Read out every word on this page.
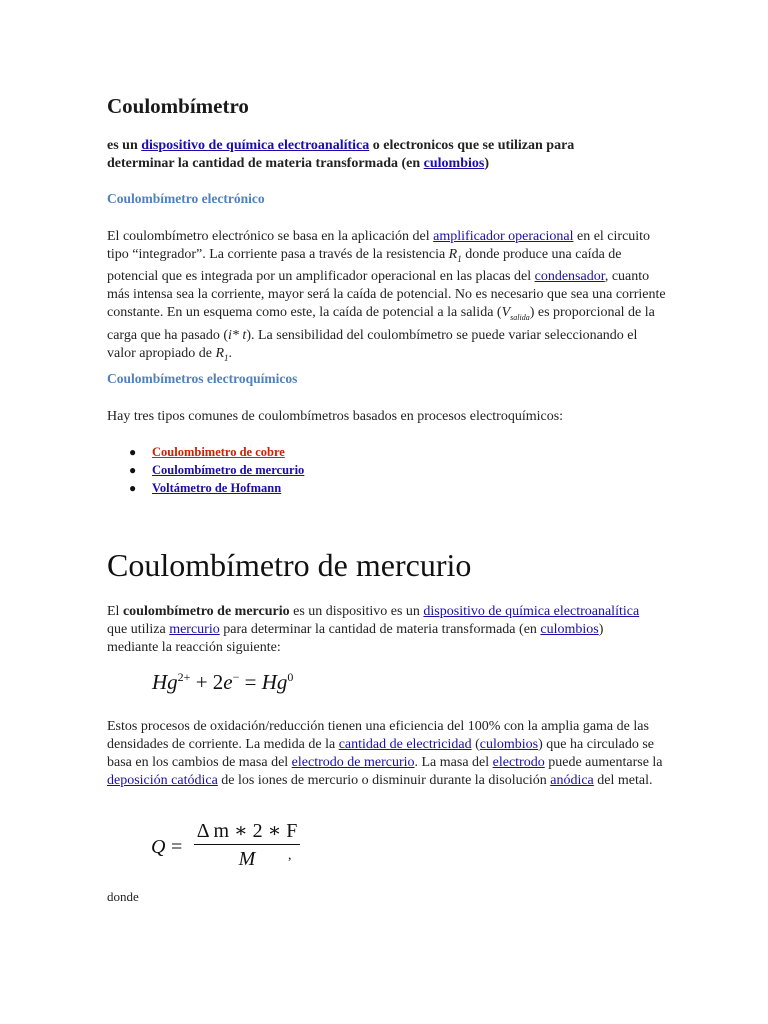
Coulombímetro

es un dispositivo de química electroanalítica o electronicos que se utilizan para determinar la cantidad de materia transformada (en culombios)

Coulombímetro electrónico

El coulombímetro electrónico se basa en la aplicación del amplificador operacional en el circuito tipo “integrador”. La corriente pasa a través de la resistencia $R_1$ donde produce una caída de potencial que es integrada por un amplificador operacional en las placas del condensador, cuanto más intensa sea la corriente, mayor será la caída de potencial. No es necesario que sea una corriente constante. En un esquema como este, la caída de potencial a la salida $(V_{salida})$ es proporcional de la carga que ha pasado (i* t). La sensibilidad del coulombímetro se puede variar seleccionando el valor apropiado de $R_1$.

Coulombímetros electroquímicos

Hay tres tipos comunes de coulombímetros basados en procesos electroquímicos:

● Coulombimetro de cobre
● Coulombímetro de mercurio
● Voltámetro de Hofmann
Coulombímetro de mercurio

El coulombímetro de mercurio es un dispositivo es un dispositivo de química electroanalítica que utiliza mercurio para determinar la cantidad de materia transformada (en culombios) mediante la reacción siguiente:

$Hg^{2+} + 2e^- = Hg^0$

Estos procesos de oxidación/reducción tienen una eficiencia del 100% con la amplia gama de las densidades de corriente. La medida de la cantidad de electricidad (culombios) que ha circulado se basa en los cambios de masa del electrodo de mercurio. La masa del electrodo puede aumentarse la deposición catódica de los iones de mercurio o disminuir durante la disolución anódica del metal.

Q =
Δ m ∗ 2 ∗ F
M	,

donde
